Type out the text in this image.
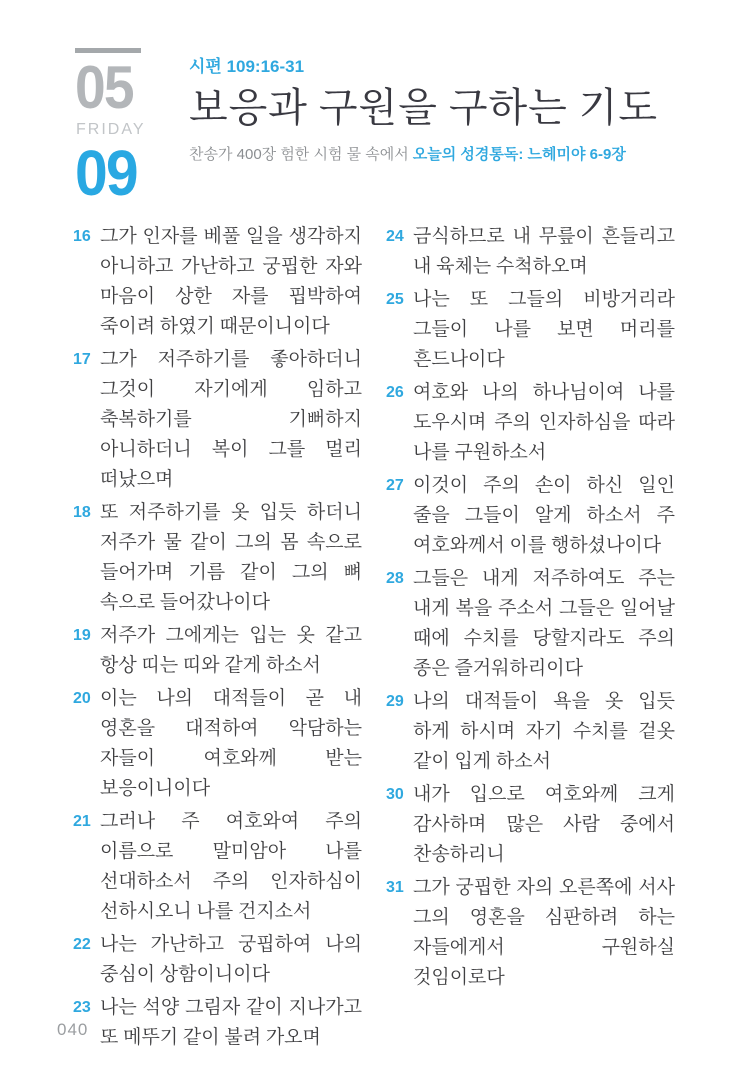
05
FRIDAY
09
시편 109:16-31
보응과 구원을 구하는 기도
찬송가 400장 험한 시험 물 속에서 오늘의 성경통독: 느헤미야 6-9장
16 그가 인자를 베풀 일을 생각하지 아니하고 가난하고 궁핍한 자와 마음이 상한 자를 핍박하여 죽이려 하였기 때문이니이다

17 그가 저주하기를 좋아하더니 그것이 자기에게 임하고 축복하기를 기뻐하지 아니하더니 복이 그를 멀리 떠났으며

18 또 저주하기를 옷 입듯 하더니 저주가 물 같이 그의 몸 속으로 들어가며 기름 같이 그의 뼈 속으로 들어갔나이다

19 저주가 그에게는 입는 옷 같고 항상 띠는 띠와 같게 하소서

20 이는 나의 대적들이 곧 내 영혼을 대적하여 악담하는 자들이 여호와께 받는 보응이니이다

21 그러나 주 여호와여 주의 이름으로 말미암아 나를 선대하소서 주의 인자하심이 선하시오니 나를 건지소서

22 나는 가난하고 궁핍하여 나의 중심이 상함이니이다

23 나는 석양 그림자 같이 지나가고 또 메뚜기 같이 불려 가오며

24 금식하므로 내 무릎이 흔들리고 내 육체는 수척하오며

25 나는 또 그들의 비방거리라 그들이 나를 보면 머리를 흔드나이다

26 여호와 나의 하나님이여 나를 도우시며 주의 인자하심을 따라 나를 구원하소서

27 이것이 주의 손이 하신 일인 줄을 그들이 알게 하소서 주 여호와께서 이를 행하셨나이다

28 그들은 내게 저주하여도 주는 내게 복을 주소서 그들은 일어날 때에 수치를 당할지라도 주의 종은 즐거워하리이다

29 나의 대적들이 욕을 옷 입듯 하게 하시며 자기 수치를 겉옷 같이 입게 하소서

30 내가 입으로 여호와께 크게 감사하며 많은 사람 중에서 찬송하리니

31 그가 궁핍한 자의 오른쪽에 서사 그의 영혼을 심판하려 하는 자들에게서 구원하실 것임이로다

040
